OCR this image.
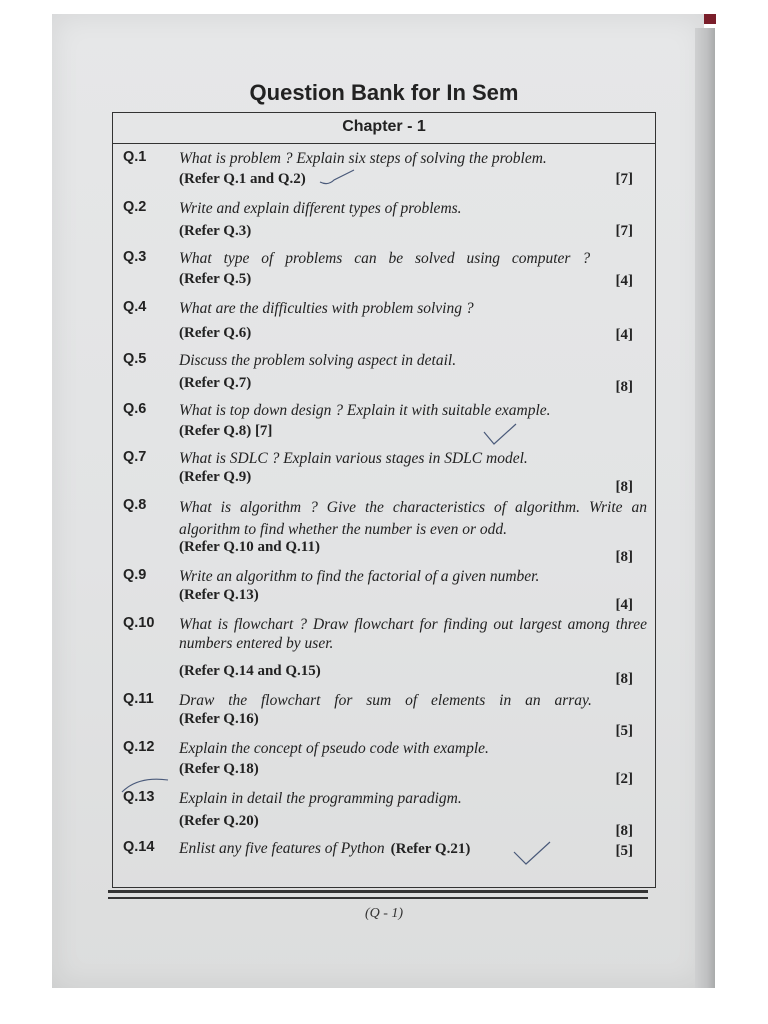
Question Bank for In Sem
Chapter - 1
Q.1 What is problem ? Explain six steps of solving the problem.
(Refer Q.1 and Q.2)	[7]
Q.2 Write and explain different types of problems.
(Refer Q.3)	[7]
Q.3 What type of problems can be solved using computer ?
(Refer Q.5)	[4]
Q.4 What are the difficulties with problem solving ?
(Refer Q.6)	[4]
Q.5 Discuss the problem solving aspect in detail.
(Refer Q.7)	[8]
Q.6 What is top down design ? Explain it with suitable example.
(Refer Q.8) [7]
Q.7 What is SDLC ? Explain various stages in SDLC model.
(Refer Q.9)
[8]
Q.8 What is algorithm ? Give the characteristics of algorithm. Write an algorithm to find whether the number is even or odd.
(Refer Q.10 and Q.11)
[8]
Q.9 Write an algorithm to find the factorial of a given number.
(Refer Q.13)
[4]
Q.10 What is flowchart ? Draw flowchart for finding out largest among three numbers entered by user.
(Refer Q.14 and Q.15)	[8]
Q.11 Draw the flowchart for sum of elements in an array.
(Refer Q.16)
[5]
Q.12 Explain the concept of pseudo code with example.
(Refer Q.18)
[2]
Q.13 Explain in detail the programming paradigm.
(Refer Q.20)
[8]
Q.14 Enlist any five features of Python (Refer Q.21)	[5]
(Q - 1)
